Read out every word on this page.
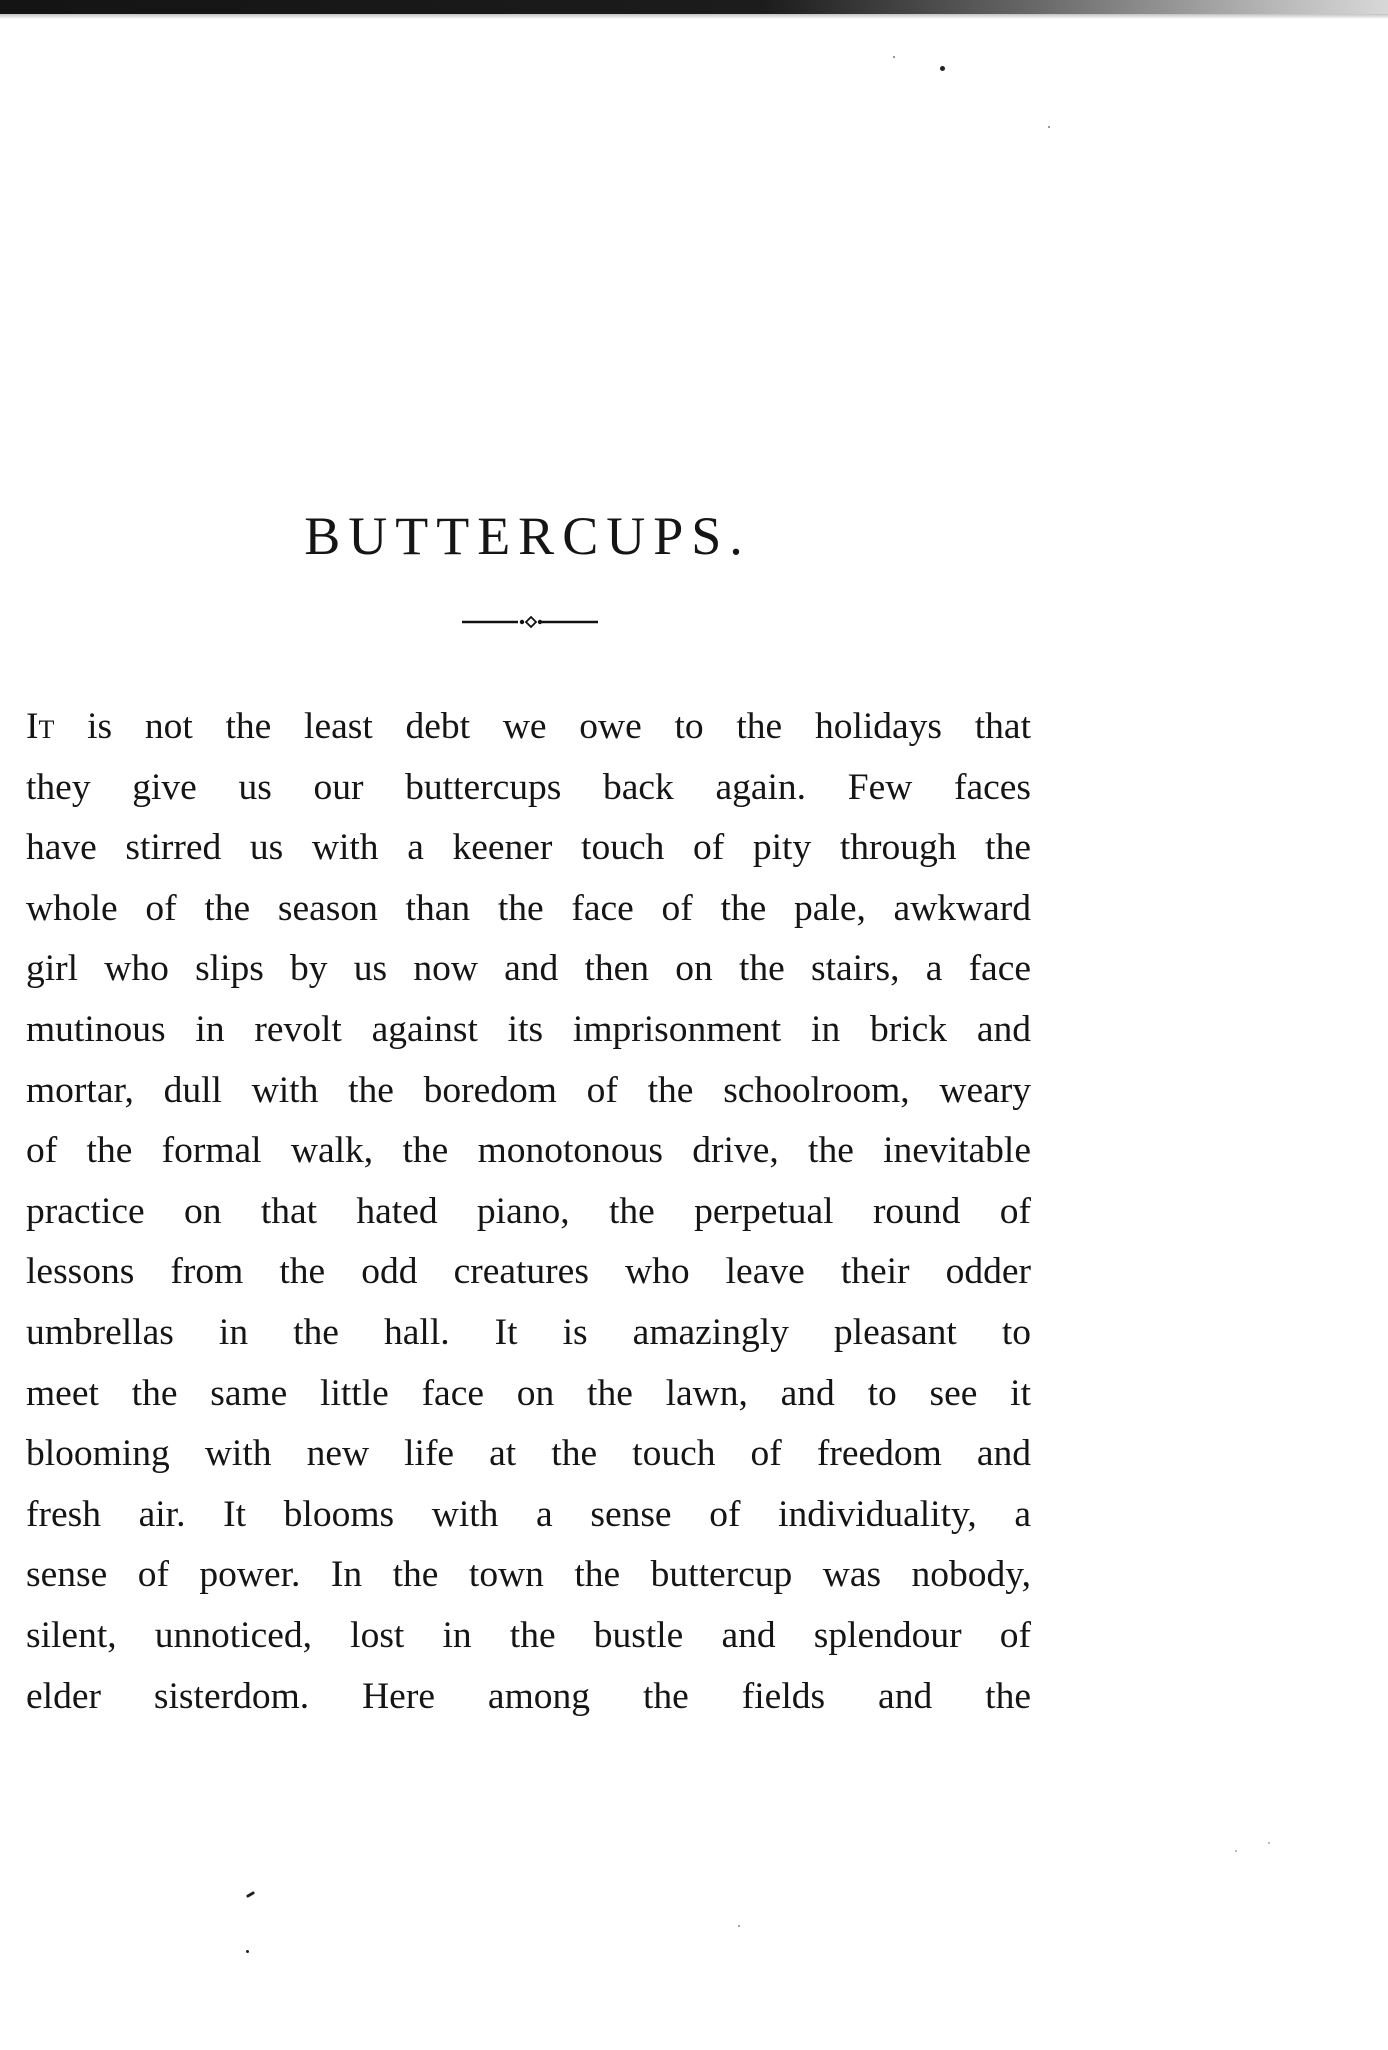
BUTTERCUPS.
It is not the least debt we owe to the holidays that
they give us our buttercups back again. Few faces
have stirred us with a keener touch of pity through the
whole of the season than the face of the pale, awkward
girl who slips by us now and then on the stairs, a face
mutinous in revolt against its imprisonment in brick and
mortar, dull with the boredom of the schoolroom, weary
of the formal walk, the monotonous drive, the inevitable
practice on that hated piano, the perpetual round of
lessons from the odd creatures who leave their odder
umbrellas in the hall. It is amazingly pleasant to
meet the same little face on the lawn, and to see it
blooming with new life at the touch of freedom and
fresh air. It blooms with a sense of individuality, a
sense of power. In the town the buttercup was nobody,
silent, unnoticed, lost in the bustle and splendour of
elder sisterdom. Here among the fields and the
